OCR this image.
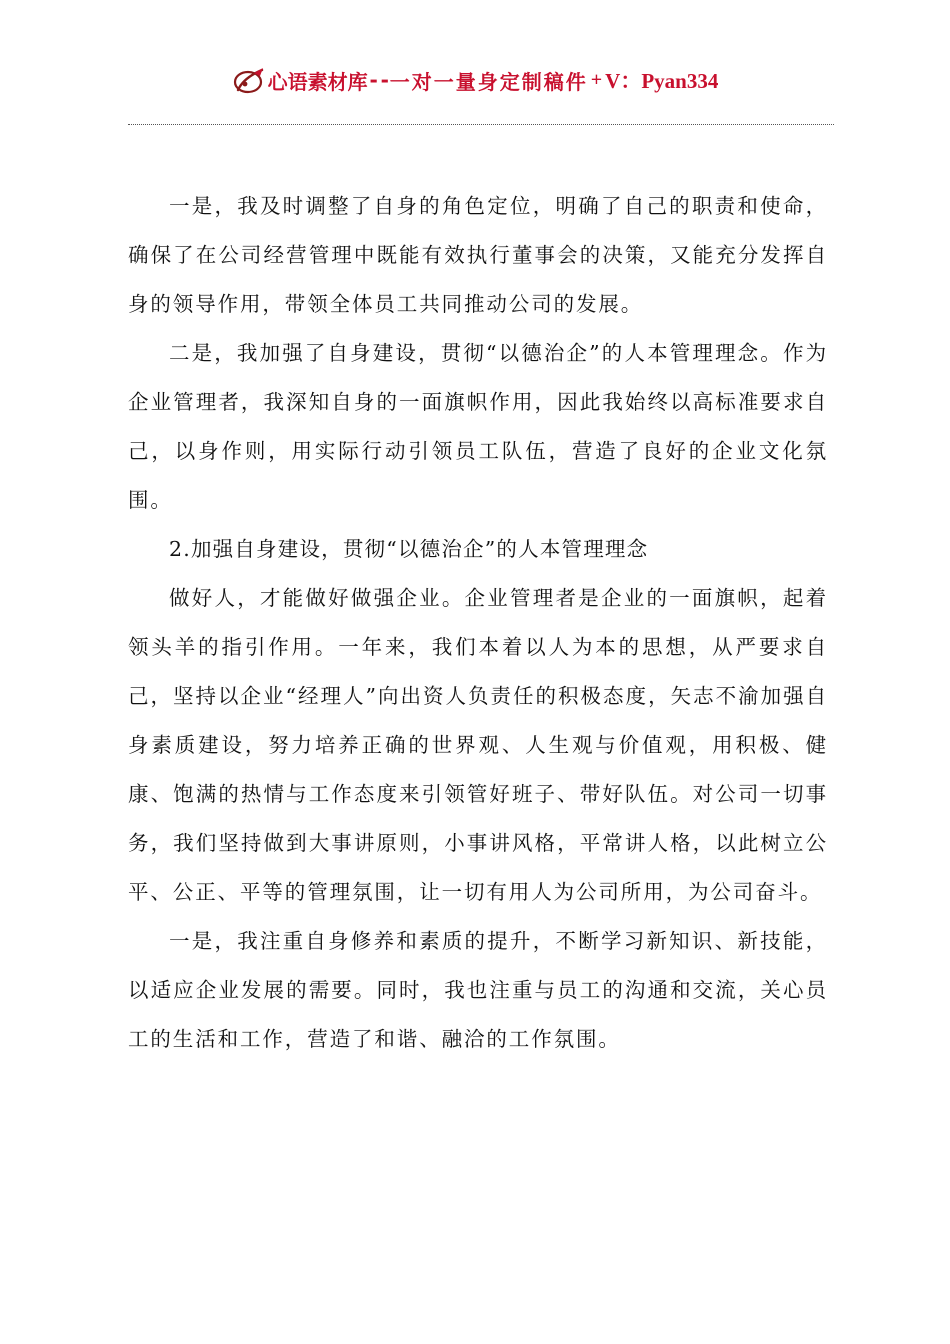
心语素材库 -- 一对一量身定制稿件 + V：Pyan334

一是，我及时调整了自身的角色定位，明确了自己的职责和使命，确保了在公司经营管理中既能有效执行董事会的决策，又能充分发挥自身的领导作用，带领全体员工共同推动公司的发展。

二是，我加强了自身建设，贯彻“以德治企”的人本管理理念。作为企业管理者，我深知自身的一面旗帜作用，因此我始终以高标准要求自己，以身作则，用实际行动引领员工队伍，营造了良好的企业文化氛围。

2.加强自身建设，贯彻“以德治企”的人本管理理念

做好人，才能做好做强企业。企业管理者是企业的一面旗帜，起着领头羊的指引作用。一年来，我们本着以人为本的思想，从严要求自己，坚持以企业“经理人”向出资人负责任的积极态度，矢志不渝加强自身素质建设，努力培养正确的世界观、人生观与价值观，用积极、健康、饱满的热情与工作态度来引领管好班子、带好队伍。对公司一切事务，我们坚持做到大事讲原则，小事讲风格，平常讲人格，以此树立公平、公正、平等的管理氛围，让一切有用人为公司所用，为公司奋斗。

一是，我注重自身修养和素质的提升，不断学习新知识、新技能，以适应企业发展的需要。同时，我也注重与员工的沟通和交流，关心员工的生活和工作，营造了和谐、融洽的工作氛围。
